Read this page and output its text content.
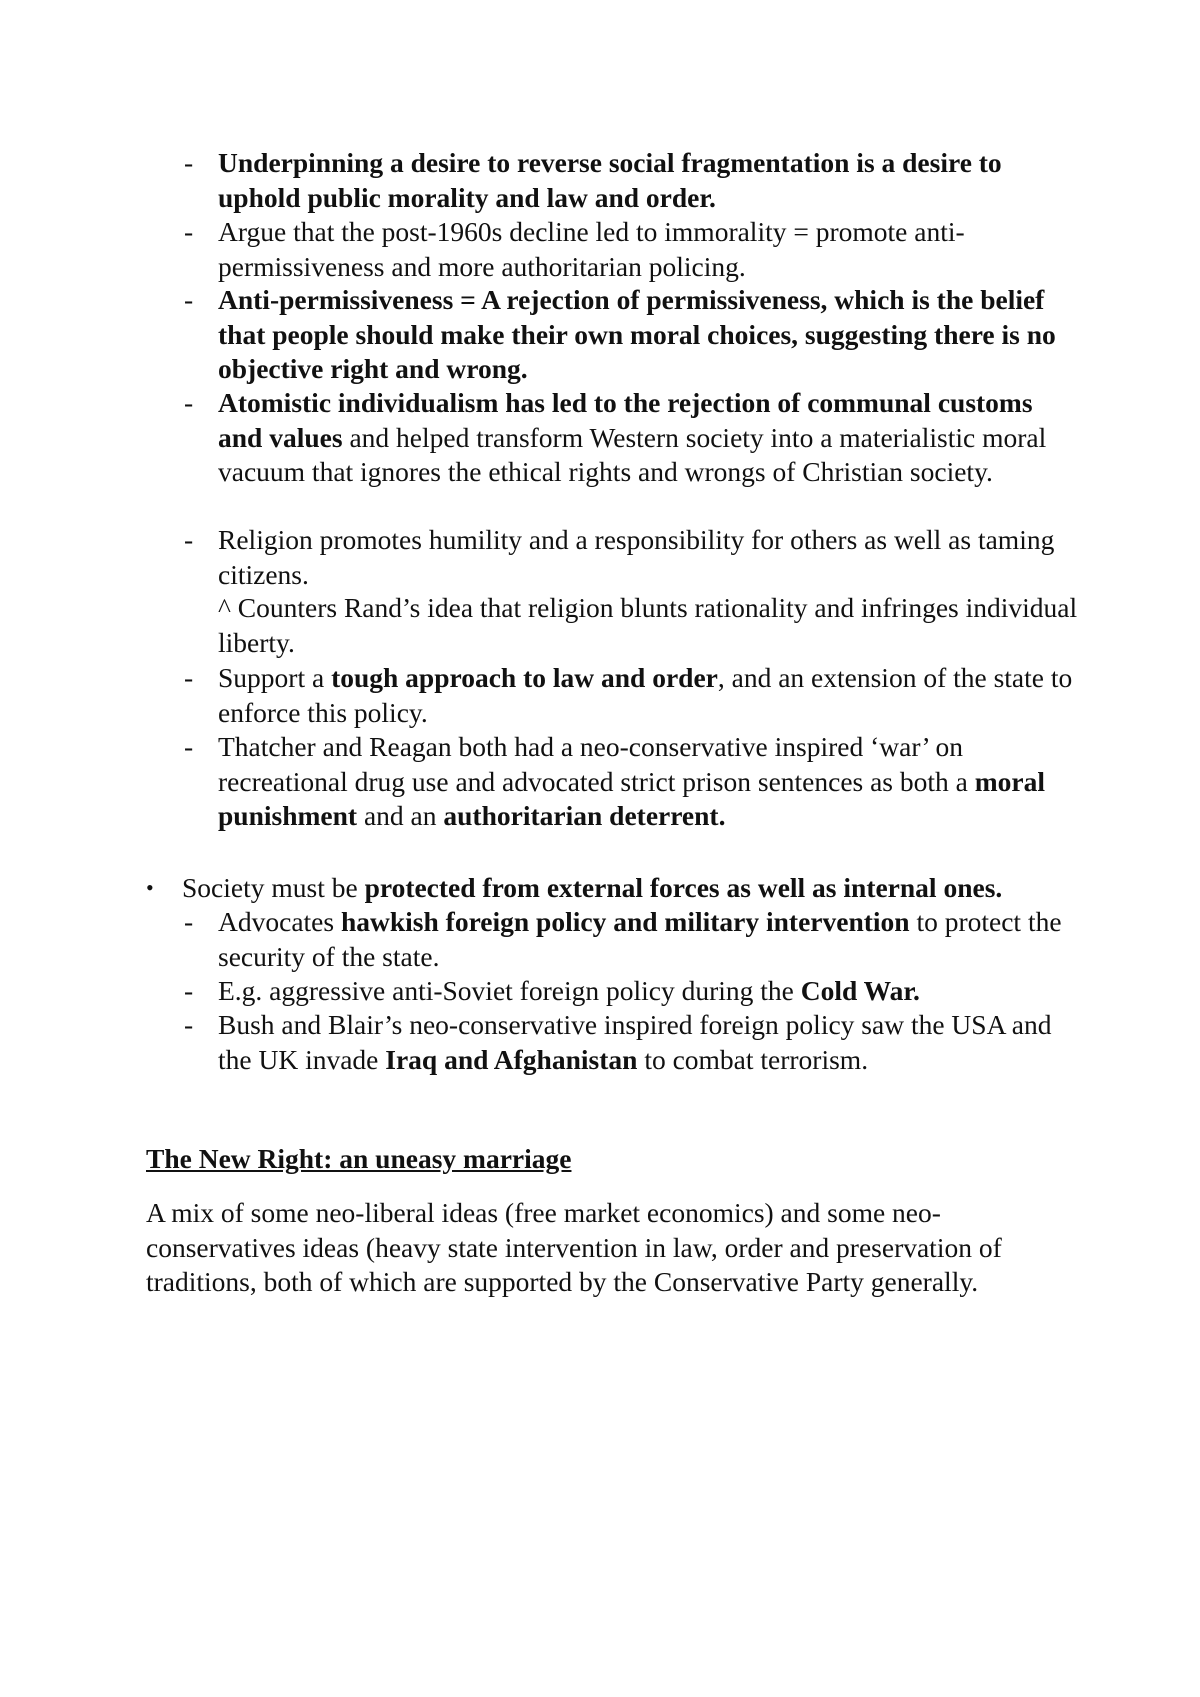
- Underpinning a desire to reverse social fragmentation is a desire to uphold public morality and law and order.
- Argue that the post-1960s decline led to immorality = promote anti-permissiveness and more authoritarian policing.
- Anti-permissiveness = A rejection of permissiveness, which is the belief that people should make their own moral choices, suggesting there is no objective right and wrong.
- Atomistic individualism has led to the rejection of communal customs and values and helped transform Western society into a materialistic moral vacuum that ignores the ethical rights and wrongs of Christian society.
- Religion promotes humility and a responsibility for others as well as taming citizens.
^ Counters Rand’s idea that religion blunts rationality and infringes individual liberty.
- Support a tough approach to law and order, and an extension of the state to enforce this policy.
- Thatcher and Reagan both had a neo-conservative inspired ‘war’ on recreational drug use and advocated strict prison sentences as both a moral punishment and an authoritarian deterrent.
• Society must be protected from external forces as well as internal ones.
- Advocates hawkish foreign policy and military intervention to protect the security of the state.
- E.g. aggressive anti-Soviet foreign policy during the Cold War.
- Bush and Blair’s neo-conservative inspired foreign policy saw the USA and the UK invade Iraq and Afghanistan to combat terrorism.
The New Right: an uneasy marriage
A mix of some neo-liberal ideas (free market economics) and some neo-conservatives ideas (heavy state intervention in law, order and preservation of traditions, both of which are supported by the Conservative Party generally.
